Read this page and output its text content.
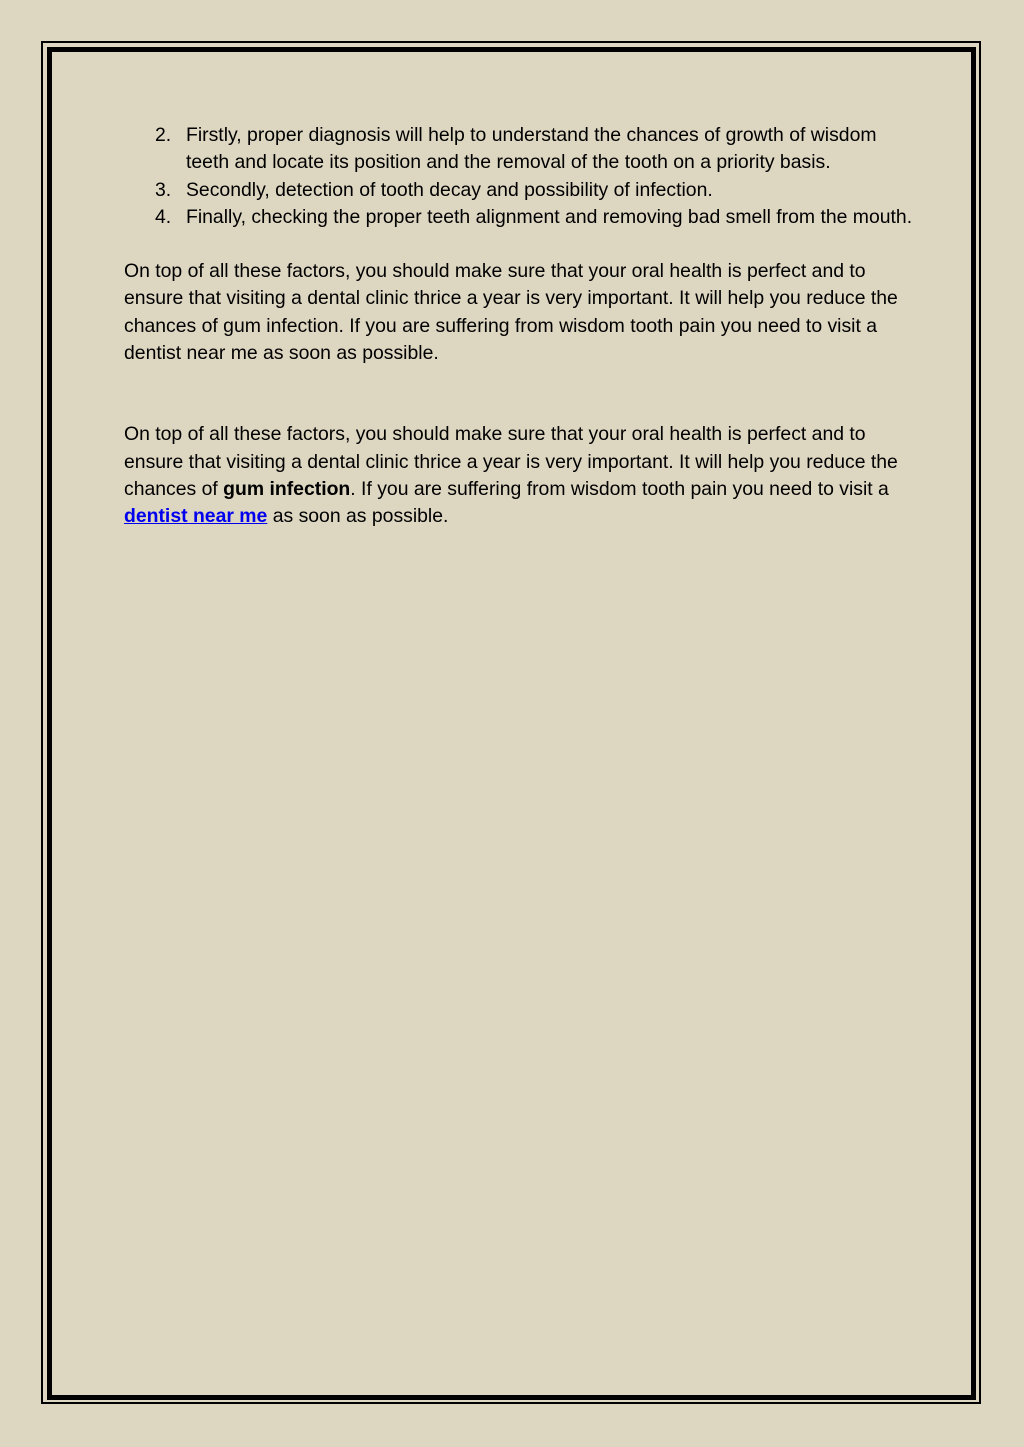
2. Firstly, proper diagnosis will help to understand the chances of growth of wisdom teeth and locate its position and the removal of the tooth on a priority basis.
3. Secondly, detection of tooth decay and possibility of infection.
4. Finally, checking the proper teeth alignment and removing bad smell from the mouth.

On top of all these factors, you should make sure that your oral health is perfect and to ensure that visiting a dental clinic thrice a year is very important. It will help you reduce the chances of gum infection. If you are suffering from wisdom tooth pain you need to visit a dentist near me as soon as possible.

On top of all these factors, you should make sure that your oral health is perfect and to ensure that visiting a dental clinic thrice a year is very important. It will help you reduce the chances of gum infection. If you are suffering from wisdom tooth pain you need to visit a dentist near me as soon as possible.
